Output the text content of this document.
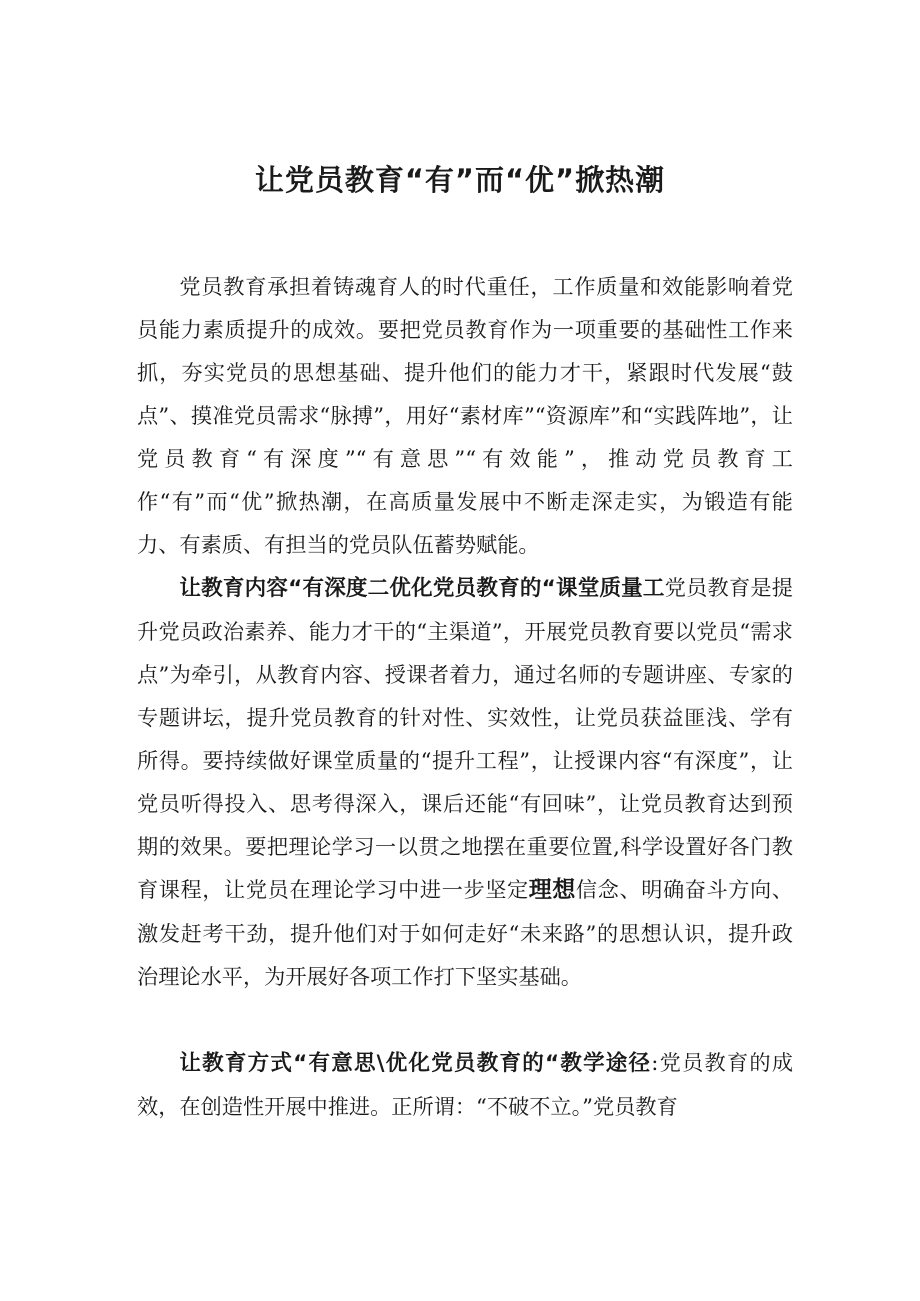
让党员教育“有”而“优”掀热潮

党员教育承担着铸魂育人的时代重任，工作质量和效能影响着党员能力素质提升的成效。要把党员教育作为一项重要的基础性工作来抓，夯实党员的思想基础、提升他们的能力才干，紧跟时代发展“鼓点”、摸准党员需求“脉搏”，用好“素材库”“资源库”和“实践阵地”，让党员教育“有深度”“有意思”“有效能”，推动党员教育工作“有”而“优”掀热潮，在高质量发展中不断走深走实，为锻造有能力、有素质、有担当的党员队伍蓄势赋能。

让教育内容“有深度二优化党员教育的“课堂质量工党员教育是提升党员政治素养、能力才干的“主渠道”，开展党员教育要以党员“需求点”为牵引，从教育内容、授课者着力，通过名师的专题讲座、专家的专题讲坛，提升党员教育的针对性、实效性，让党员获益匪浅、学有所得。要持续做好课堂质量的“提升工程”，让授课内容“有深度”，让党员听得投入、思考得深入，课后还能“有回味”，让党员教育达到预期的效果。要把理论学习一以贯之地摆在重要位置,科学设置好各门教育课程，让党员在理论学习中进一步坚定理想信念、明确奋斗方向、激发赶考干劲，提升他们对于如何走好“未来路”的思想认识，提升政治理论水平，为开展好各项工作打下坚实基础。

让教育方式“有意思\优化党员教育的“教学途径:党员教育的成效，在创造性开展中推进。正所谓：“不破不立。”党员教育
